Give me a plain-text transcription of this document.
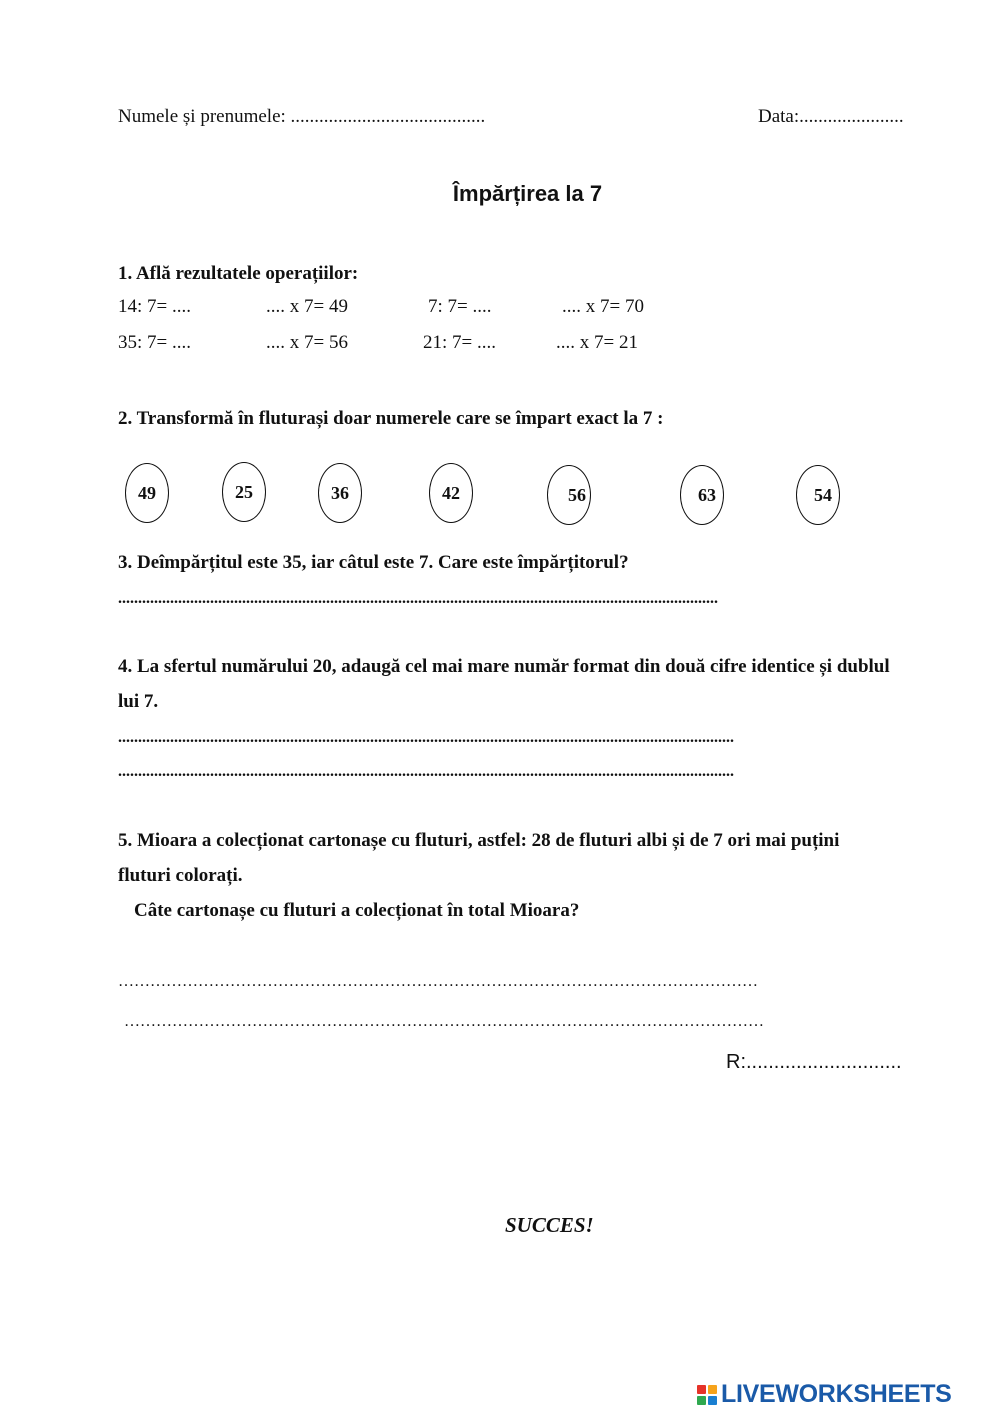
Numele și prenumele: .........................................	Data:......................
Împărțirea la 7
1. Află rezultatele operațiilor:
14: 7= ....	.... x 7= 49	7: 7= ....	.... x 7= 70
35: 7= ....	.... x 7= 56	21: 7= ....	.... x 7= 21
2. Transformă în fluturași doar numerele care se împart exact la 7 :
49	25	36	42	56	63	54
3. Deîmpărțitul este 35, iar câtul este 7. Care este împărțitorul?
......................................................................................................................................................
4. La sfertul numărului 20, adaugă cel mai mare număr format din două cifre identice și dublul
lui 7.
..........................................................................................................................................................
..........................................................................................................................................................
5. Mioara a colecționat cartonașe cu fluturi, astfel: 28 de fluturi albi și de 7 ori mai puțini
fluturi colorați.
Câte cartonașe cu fluturi a colecționat în total Mioara?
…………………………………………………………………………………………………………
…………………………………………………………………………………………………………
R:............................
SUCCES!
LIVEWORKSHEETS
